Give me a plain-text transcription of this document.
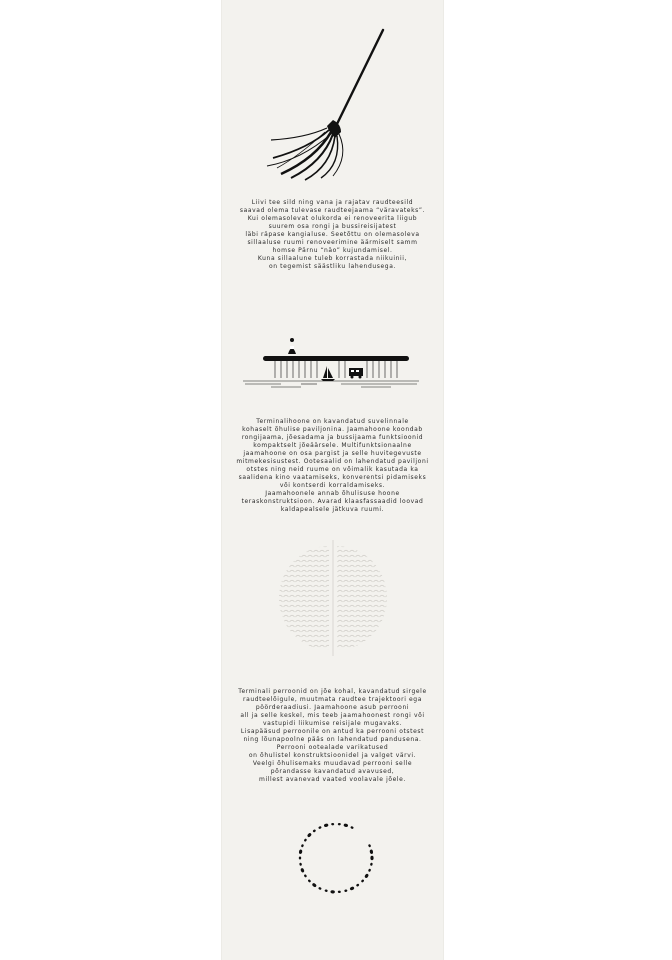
Liivi tee sild ning vana ja rajatav raudteesild
saavad olema tulevase raudteejaama “väravateks”.
Kui olemasolevat olukorda ei renoveerita liigub
suurem osa rongi ja bussireisijatest
läbi räpase kangialuse. Seetõttu on olemasoleva
sillaaluse ruumi renoveerimine äärmiselt samm
homse Pärnu “näo” kujundamisel.
Kuna sillaalune tuleb korrastada niikuinii,
on tegemist säästliku lahendusega.
Terminalihoone on kavandatud suvelinnale
kohaselt õhulise paviljonina. Jaamahoone koondab
rongijaama, jõesadama ja bussijaama funktsioonid
kompaktselt jõeäärsele. Multifunktsionaalne
jaamahoone on osa pargist ja selle huvitegevuste
mitmekesisustest. Ootesaalid on lahendatud paviljoni
otstes ning neid ruume on võimalik kasutada ka
saalidena kino vaatamiseks, konverentsi pidamiseks
või kontserdi korraldamiseks.
Jaamahoonele annab õhulisuse hoone
teraskonstruktsioon. Avarad klaasfassaadid loovad
kaldapealsele jätkuva ruumi.
Terminali perroonid on jõe kohal, kavandatud sirgele
raudteelõigule, muutmata raudtee trajektoori ega
pöörderaadiusi. Jaamahoone asub perrooni
all ja selle keskel, mis teeb jaamahoonest rongi või
vastupidi liikumise reisijale mugavaks.
Lisapääsud perroonile on antud ka perrooni otstest
ning lõunapoolne pääs on lahendatud pandusena.
Perrooni ootealade varikatused
on õhulistel konstruktsioonidel ja valget värvi.
Veelgi õhulisemaks muudavad perrooni selle
põrandasse kavandatud avavused,
millest avanevad vaated voolavale jõele.
